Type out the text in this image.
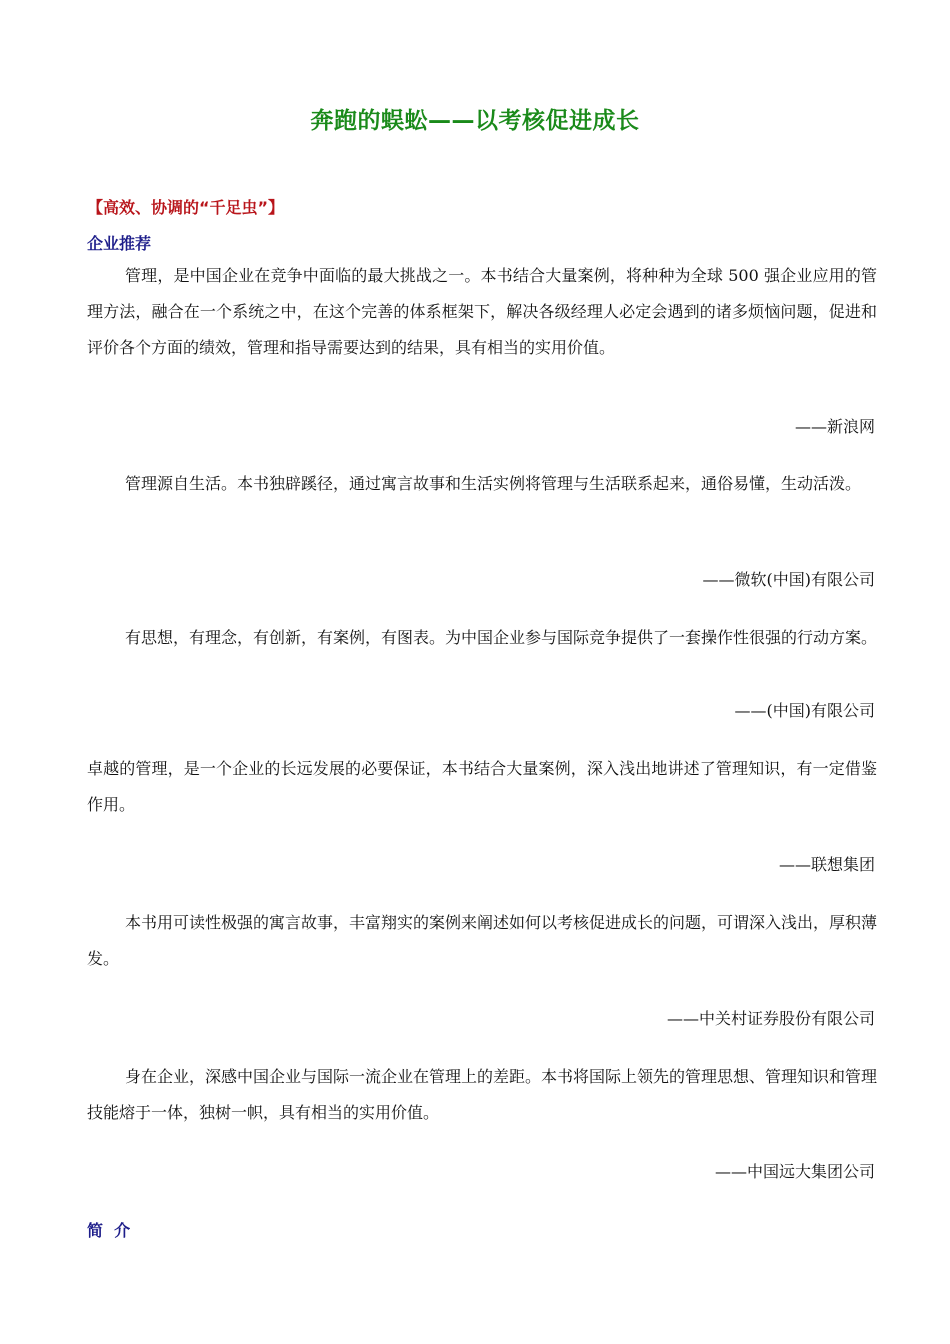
奔跑的蜈蚣——以考核促进成长
【高效、协调的“千足虫”】
企业推荐
管理，是中国企业在竞争中面临的最大挑战之一。本书结合大量案例，将种种为全球 500 强企业应用的管理方法，融合在一个系统之中，在这个完善的体系框架下，解决各级经理人必定会遇到的诸多烦恼问题，促进和评价各个方面的绩效，管理和指导需要达到的结果，具有相当的实用价值。
——新浪网
管理源自生活。本书独辟蹊径，通过寓言故事和生活实例将管理与生活联系起来，通俗易懂，生动活泼。
——微软(中国)有限公司
有思想，有理念，有创新，有案例，有图表。为中国企业参与国际竞争提供了一套操作性很强的行动方案。
——(中国)有限公司
卓越的管理，是一个企业的长远发展的必要保证，本书结合大量案例，深入浅出地讲述了管理知识，有一定借鉴作用。
——联想集团
本书用可读性极强的寓言故事，丰富翔实的案例来阐述如何以考核促进成长的问题，可谓深入浅出，厚积薄发。
——中关村证券股份有限公司
身在企业，深感中国企业与国际一流企业在管理上的差距。本书将国际上领先的管理思想、管理知识和管理技能熔于一体，独树一帜，具有相当的实用价值。
——中国远大集团公司
简  介
